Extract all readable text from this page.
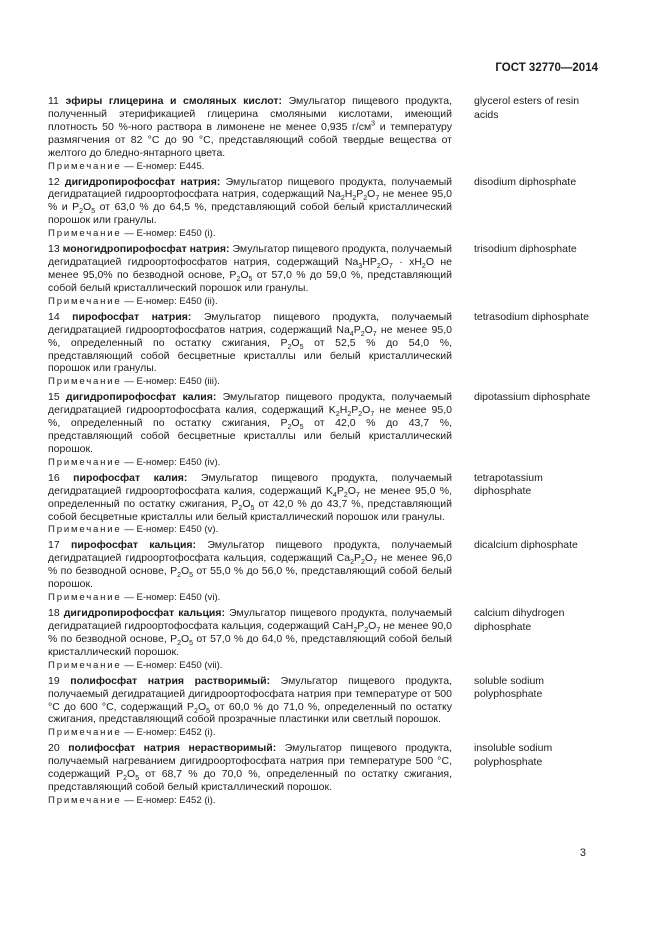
ГОСТ 32770—2014

11 эфиры глицерина и смоляных кислот: Эмульгатор пищевого продукта, полученный этерификацией глицерина смоляными кислотами, имеющий плотность 50 %-ного раствора в лимонене не менее 0,935 $г/см^3$ и температуру размягчения от 82 °С до 90 °С, представляющий собой твердые вещества от желтого до бледно-янтарного цвета.

Примечание — Е-номер: Е445.

glycerol esters of resin acids

12 дигидропирофосфат натрия: Эмульгатор пищевого продукта, получаемый дегидратацией гидроортофосфата натрия, содержащий $Na_2H_2P_2O_7$ не менее 95,0 % и $P_2O_5$ от 63,0 % до 64,5 %, представляющий собой белый кристаллический порошок или гранулы.

Примечание — Е-номер: Е450 (i).

disodium diphosphate

13 моногидропирофосфат натрия: Эмульгатор пищевого продукта, получаемый дегидратацией гидроортофосфатов натрия, содержащий $Na_3HP_2O_7 \cdot xH_2O$ не менее 95,0% по безводной основе, $P_2O_5$ от 57,0 % до 59,0 %, представляющий собой белый кристаллический порошок или гранулы.

Примечание — Е-номер: Е450 (ii).

trisodium diphosphate

14 пирофосфат натрия: Эмульгатор пищевого продукта, получаемый дегидратацией гидроортофосфатов натрия, содержащий $Na_4P_2O_7$ не менее 95,0 %, определенный по остатку сжигания, $P_2O_5$ от 52,5 % до 54,0 %, представляющий собой бесцветные кристаллы или белый кристаллический порошок или гранулы.

Примечание — Е-номер: Е450 (iii).

tetrasodium diphosphate

15 дигидропирофосфат калия: Эмульгатор пищевого продукта, получаемый дегидратацией гидроортофосфата калия, содержащий $K_2H_2P_2O_7$ не менее 95,0 %, определенный по остатку сжигания, $P_2O_5$ от 42,0 % до 43,7 %, представляющий собой бесцветные кристаллы или белый кристаллический порошок.

Примечание — Е-номер: Е450 (iv).

dipotassium diphosphate

16 пирофосфат калия: Эмульгатор пищевого продукта, получаемый дегидратацией гидроортофосфата калия, содержащий $K_4P_2O_7$ не менее 95,0 %, определенный по остатку сжигания, $P_2O_5$ от 42,0 % до 43,7 %, представляющий собой бесцветные кристаллы или белый кристаллический порошок или гранулы.

Примечание — Е-номер: Е450 (v).

tetrapotassium diphosphate

17 пирофосфат кальция: Эмульгатор пищевого продукта, получаемый дегидратацией гидроортофосфата кальция, содержащий $Ca_2P_2O_7$ не менее 96,0 % по безводной основе, $P_2O_5$ от 55,0 % до 56,0 %, представляющий собой белый порошок.

Примечание — Е-номер: Е450 (vi).

dicalcium diphosphate

18 дигидропирофосфат кальция: Эмульгатор пищевого продукта, получаемый дегидратацией гидроортофосфата кальция, содержащий $CaH_2P_2O_7$ не менее 90,0 % по безводной основе, $P_2O_5$ от 57,0 % до 64,0 %, представляющий собой белый кристаллический порошок.

Примечание — Е-номер: Е450 (vii).

calcium dihydrogen diphosphate

19 полифосфат натрия растворимый: Эмульгатор пищевого продукта, получаемый дегидратацией дигидроортофосфата натрия при температуре от 500 °С до 600 °С, содержащий $P_2O_5$ от 60,0 % до 71,0 %, определенный по остатку сжигания, представляющий собой прозрачные пластинки или светлый порошок.

Примечание — Е-номер: Е452 (i).

soluble sodium polyphosphate

20 полифосфат натрия нерастворимый: Эмульгатор пищевого продукта, получаемый нагреванием дигидроортофосфата натрия при температуре 500 °С, содержащий $P_2O_5$ от 68,7 % до 70,0 %, определенный по остатку сжигания, представляющий собой белый кристаллический порошок.

Примечание — Е-номер: Е452 (i).

insoluble sodium polyphosphate
3
